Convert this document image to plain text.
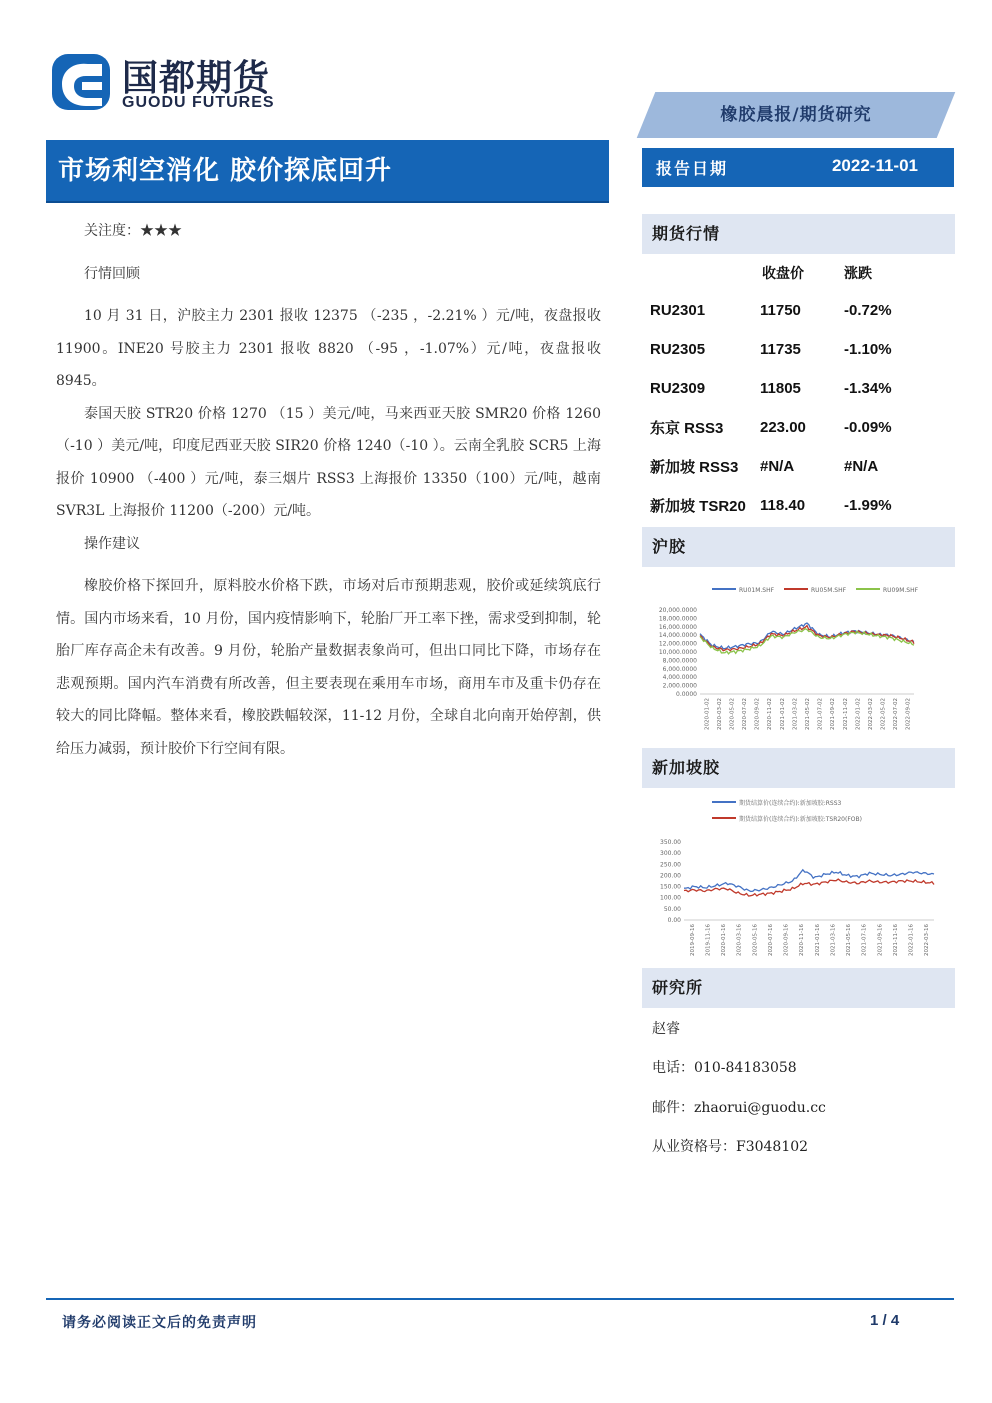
国都期货
GUODU FUTURES
橡胶晨报/期货研究
市场利空消化 胶价探底回升	报告日期	2022-11-01

关注度：★★★

行情回顾

10 月 31 日，沪胶主力 2301 报收 12375 （-235 ，-2.21% ）元/吨，夜盘报收 11900。INE20 号胶主力 2301 报收 8820 （-95 ，-1.07%）元/吨，夜盘报收 8945。

泰国天胶 STR20 价格 1270 （15 ）美元/吨，马来西亚天胶 SMR20 价格 1260（-10 ）美元/吨，印度尼西亚天胶 SIR20 价格 1240（-10 ）。云南全乳胶 SCR5 上海报价 10900 （-400 ）元/吨，泰三烟片 RSS3 上海报价 13350（100）元/吨，越南 SVR3L 上海报价 11200（-200）元/吨。

操作建议

橡胶价格下探回升，原料胶水价格下跌，市场对后市预期悲观，胶价或延续筑底行情。国内市场来看，10 月份，国内疫情影响下，轮胎厂开工率下挫，需求受到抑制，轮胎厂库存高企未有改善。9 月份，轮胎产量数据表象尚可，但出口同比下降，市场存在悲观预期。国内汽车消费有所改善，但主要表现在乘用车市场，商用车市及重卡仍存在较大的同比降幅。整体来看，橡胶跌幅较深，11-12 月份，全球自北向南开始停割，供给压力减弱，预计胶价下行空间有限。

期货行情
	收盘价	涨跌
RU2301	11750	-0.72%
RU2305	11735	-1.10%
RU2309	11805	-1.34%
东京 RSS3	223.00	-0.09%
新加坡 RSS3	#N/A	#N/A
新加坡 TSR20	118.40	-1.99%
沪胶
RU01M.SHF	RU05M.SHF	RU09M.SHF
20,000.0000
18,000.0000
16,000.0000
14,000.0000
12,000.0000
10,000.0000
8,000.0000
6,000.0000
4,000.0000
2,000.0000
0.0000
2020-01-02 2020-03-02 2020-05-02 2020-07-02 2020-09-02 2020-11-02 2021-01-02 2021-03-02 2021-05-02 2021-07-02 2021-09-02 2021-11-02 2022-01-02 2022-03-02 2022-05-02 2022-07-02 2022-09-02
新加坡胶
期货结算价(连续合约):新加坡胶:RSS3
期货结算价(连续合约):新加坡胶:TSR20(FOB)
350.00
300.00
250.00
200.00
150.00
100.00
50.00
0.00
2019-09-16 2019-11-16 2020-01-16 2020-03-16 2020-05-16 2020-07-16 2020-09-16 2020-11-16 2021-01-16 2021-03-16 2021-05-16 2021-07-16 2021-09-16 2021-11-16 2022-01-16 2022-03-16
研究所
赵睿
电话：010-84183058
邮件：zhaorui@guodu.cc
从业资格号：F3048102
请务必阅读正文后的免责声明	1 / 4
